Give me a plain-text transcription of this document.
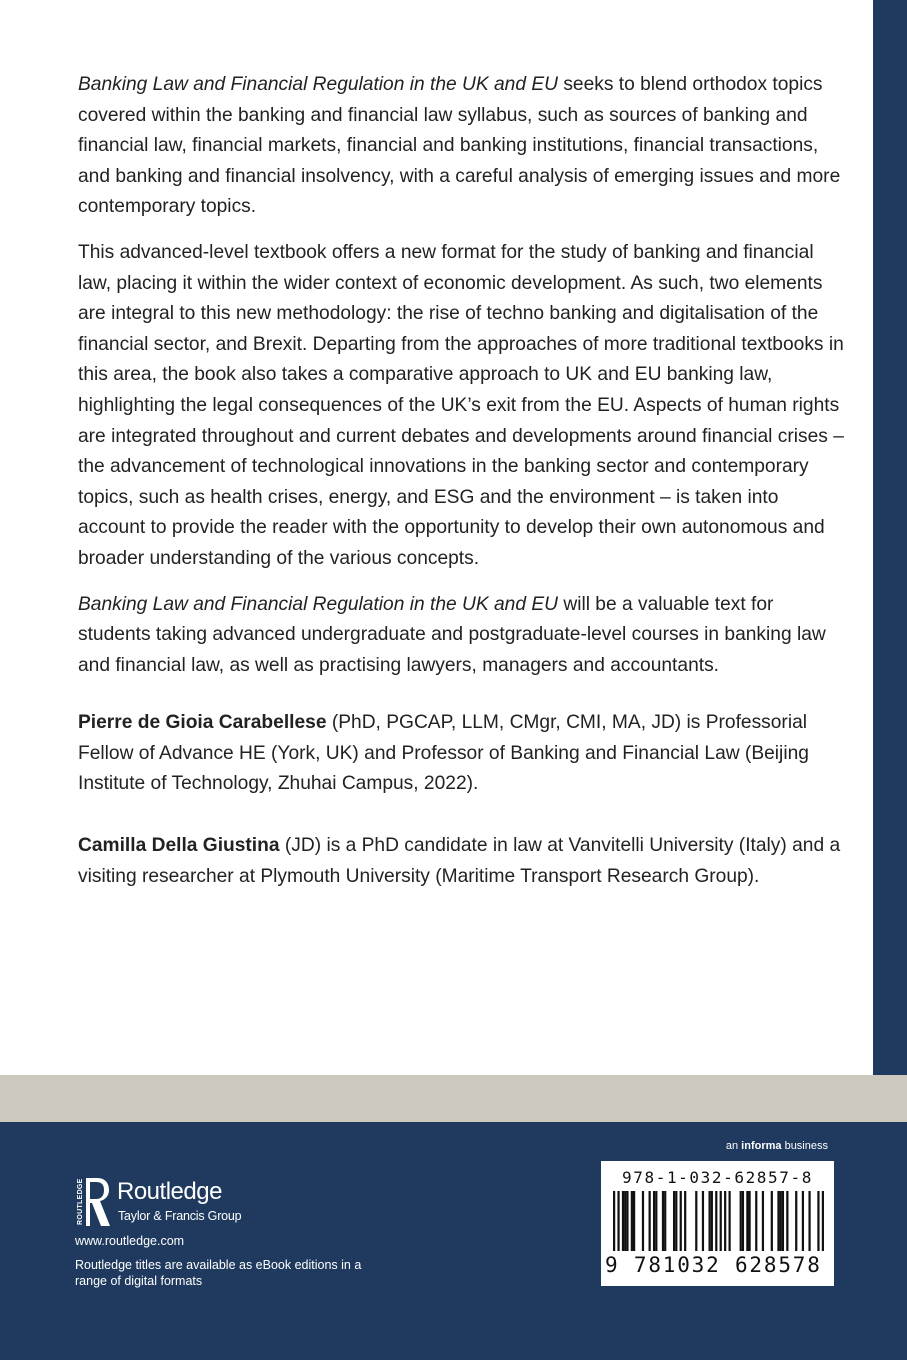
Banking Law and Financial Regulation in the UK and EU seeks to blend orthodox topics covered within the banking and financial law syllabus, such as sources of banking and financial law, financial markets, financial and banking institutions, financial transactions, and banking and financial insolvency, with a careful analysis of emerging issues and more contemporary topics.

This advanced-level textbook offers a new format for the study of banking and financial law, placing it within the wider context of economic development. As such, two elements are integral to this new methodology: the rise of techno banking and digitalisation of the financial sector, and Brexit. Departing from the approaches of more traditional textbooks in this area, the book also takes a comparative approach to UK and EU banking law, highlighting the legal consequences of the UK’s exit from the EU. Aspects of human rights are integrated throughout and current debates and developments around financial crises – the advancement of technological innovations in the banking sector and contemporary topics, such as health crises, energy, and ESG and the environment – is taken into account to provide the reader with the opportunity to develop their own autonomous and broader understanding of the various concepts.

Banking Law and Financial Regulation in the UK and EU will be a valuable text for students taking advanced undergraduate and postgraduate-level courses in banking law and financial law, as well as practising lawyers, managers and accountants.

Pierre de Gioia Carabellese (PhD, PGCAP, LLM, CMgr, CMI, MA, JD) is Professorial Fellow of Advance HE (York, UK) and Professor of Banking and Financial Law (Beijing Institute of Technology, Zhuhai Campus, 2022).

Camilla Della Giustina (JD) is a PhD candidate in law at Vanvitelli University (Italy) and a visiting researcher at Plymouth University (Maritime Transport Research Group).

an informa business
ROUTLEDGE Routledge
Taylor & Francis Group
www.routledge.com
Routledge titles are available as eBook editions in a range of digital formats
978-1-032-62857-8
9 781032 628578
